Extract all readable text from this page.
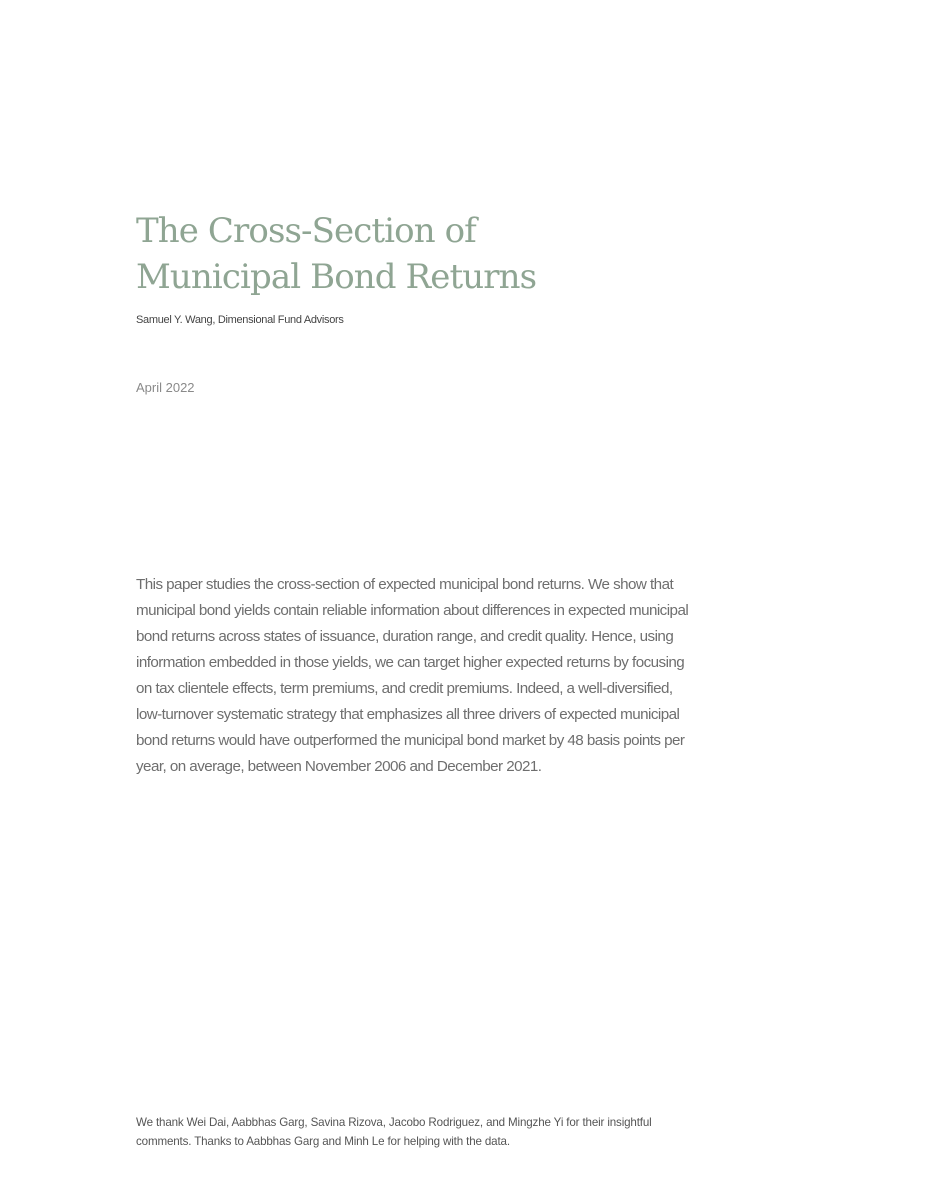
The Cross-Section of
Municipal Bond Returns
Samuel Y. Wang, Dimensional Fund Advisors
April 2022

This paper studies the cross-section of expected municipal bond returns. We show that
municipal bond yields contain reliable information about differences in expected municipal
bond returns across states of issuance, duration range, and credit quality. Hence, using
information embedded in those yields, we can target higher expected returns by focusing
on tax clientele effects, term premiums, and credit premiums. Indeed, a well-diversified,
low-turnover systematic strategy that emphasizes all three drivers of expected municipal
bond returns would have outperformed the municipal bond market by 48 basis points per
year, on average, between November 2006 and December 2021.

We thank Wei Dai, Aabbhas Garg, Savina Rizova, Jacobo Rodriguez, and Mingzhe Yi for their insightful
comments. Thanks to Aabbhas Garg and Minh Le for helping with the data.
